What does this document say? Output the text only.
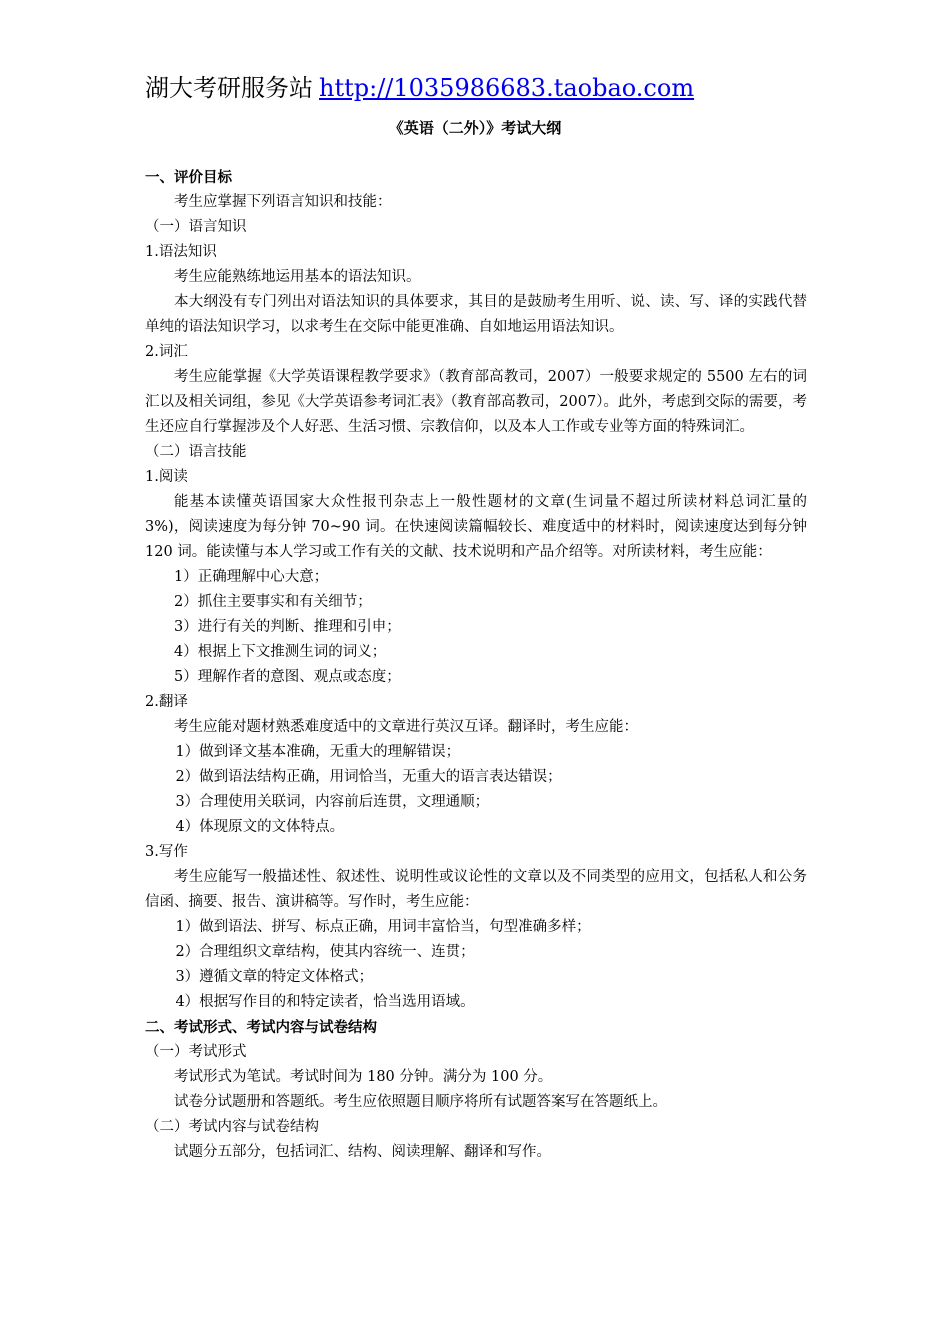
湖大考研服务站 http://1035986683.taobao.com
《英语（二外）》考试大纲
一、评价目标
考生应掌握下列语言知识和技能：
（一）语言知识
1.语法知识
考生应能熟练地运用基本的语法知识。
本大纲没有专门列出对语法知识的具体要求，其目的是鼓励考生用听、说、读、写、译的实践代替单纯的语法知识学习，以求考生在交际中能更准确、自如地运用语法知识。
2.词汇
考生应能掌握《大学英语课程教学要求》（教育部高教司，2007）一般要求规定的 5500 左右的词汇以及相关词组，参见《大学英语参考词汇表》（教育部高教司，2007）。此外，考虑到交际的需要，考生还应自行掌握涉及个人好恶、生活习惯、宗教信仰，以及本人工作或专业等方面的特殊词汇。
（二）语言技能
1.阅读
能基本读懂英语国家大众性报刊杂志上一般性题材的文章(生词量不超过所读材料总词汇量的 3%)，阅读速度为每分钟 70~90 词。在快速阅读篇幅较长、难度适中的材料时，阅读速度达到每分钟 120 词。能读懂与本人学习或工作有关的文献、技术说明和产品介绍等。对所读材料，考生应能：
1）正确理解中心大意；
2）抓住主要事实和有关细节；
3）进行有关的判断、推理和引申；
4）根据上下文推测生词的词义；
5）理解作者的意图、观点或态度；
2.翻译
考生应能对题材熟悉难度适中的文章进行英汉互译。翻译时，考生应能：
1）做到译文基本准确，无重大的理解错误；
2）做到语法结构正确，用词恰当，无重大的语言表达错误；
3）合理使用关联词，内容前后连贯，文理通顺；
4）体现原文的文体特点。
3.写作
考生应能写一般描述性、叙述性、说明性或议论性的文章以及不同类型的应用文，包括私人和公务信函、摘要、报告、演讲稿等。写作时，考生应能：
1）做到语法、拼写、标点正确，用词丰富恰当，句型准确多样；
2）合理组织文章结构，使其内容统一、连贯；
3）遵循文章的特定文体格式；
4）根据写作目的和特定读者，恰当选用语域。
二、考试形式、考试内容与试卷结构
（一）考试形式
考试形式为笔试。考试时间为 180 分钟。满分为 100 分。
试卷分试题册和答题纸。考生应依照题目顺序将所有试题答案写在答题纸上。
（二）考试内容与试卷结构
试题分五部分，包括词汇、结构、阅读理解、翻译和写作。
